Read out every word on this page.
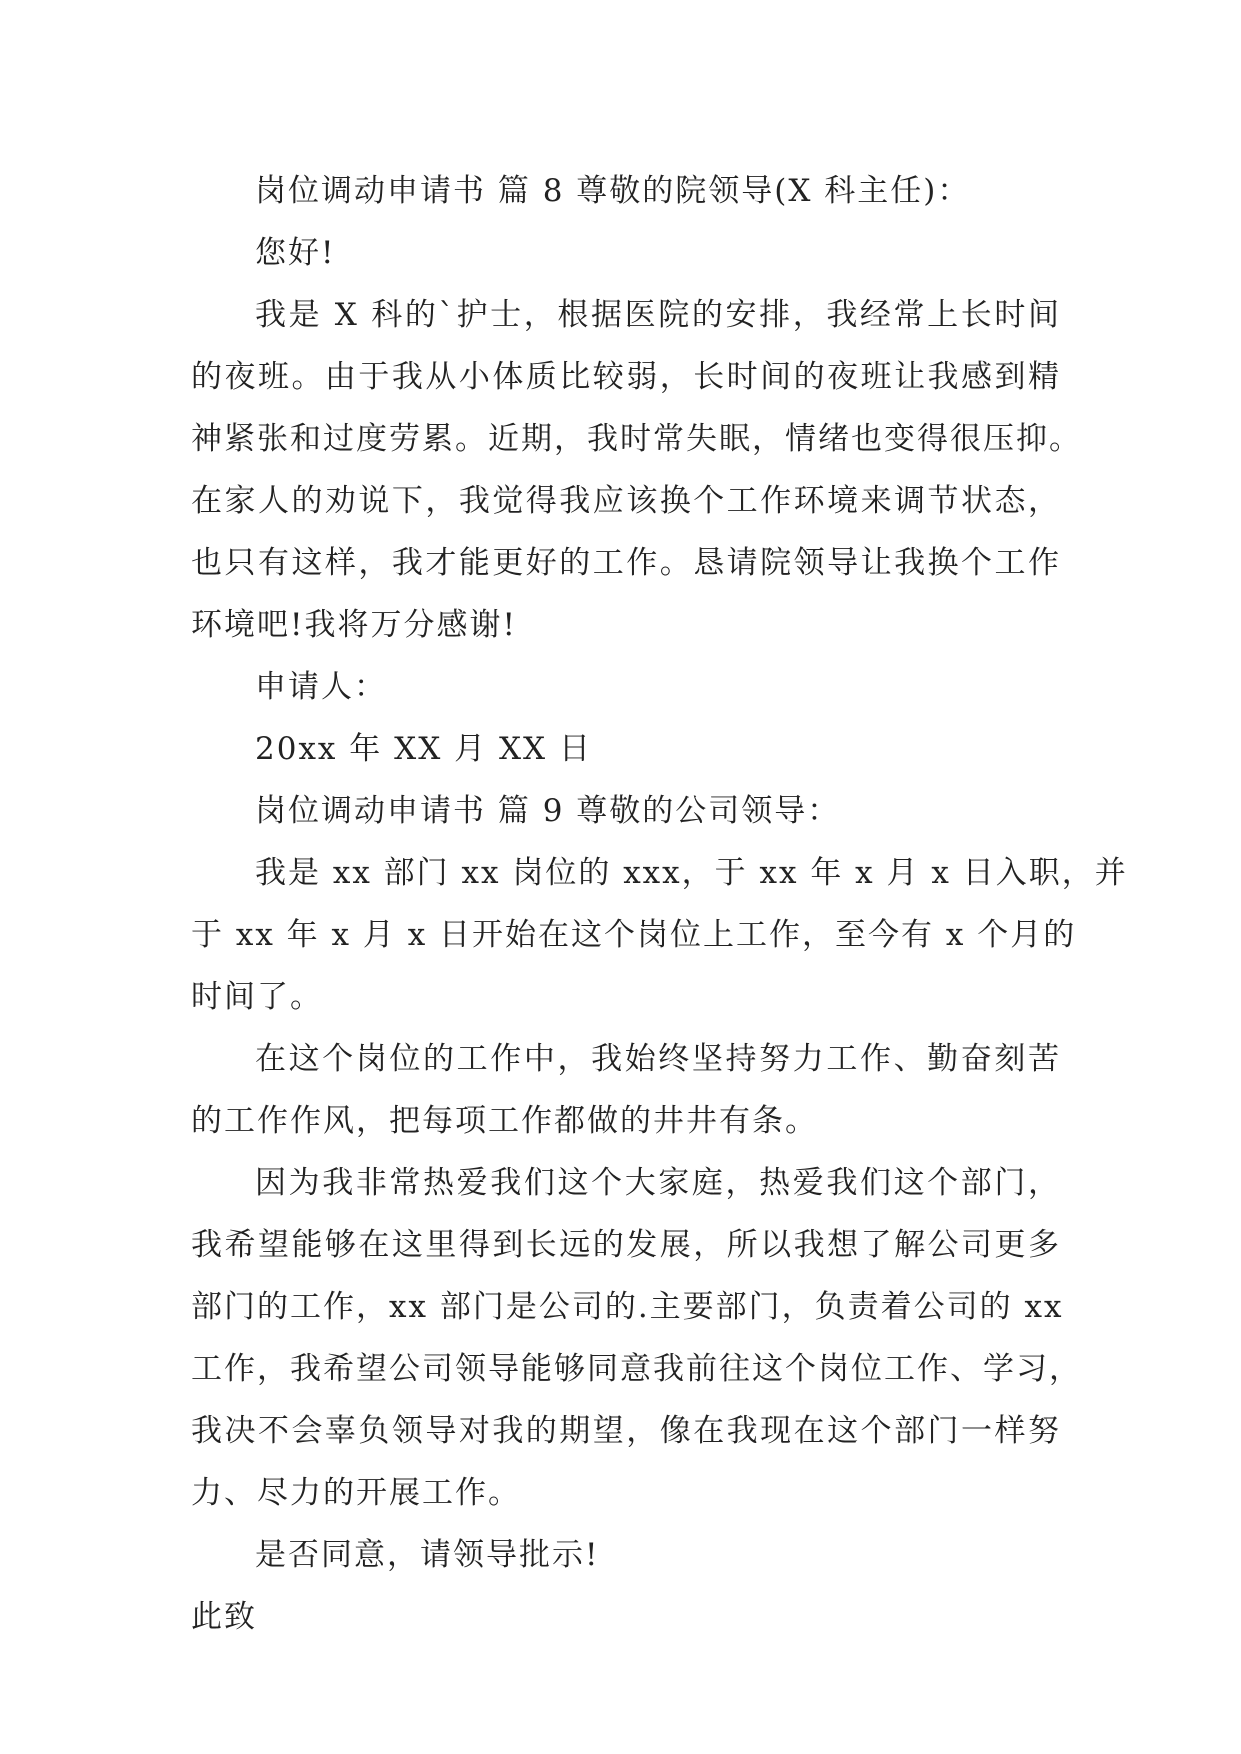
岗位调动申请书 篇 8 尊敬的院领导(X 科主任)：
您好!
我是 X 科的`护士，根据医院的安排，我经常上长时间
的夜班。由于我从小体质比较弱，长时间的夜班让我感到精
神紧张和过度劳累。近期，我时常失眠，情绪也变得很压抑。
在家人的劝说下，我觉得我应该换个工作环境来调节状态，
也只有这样，我才能更好的工作。恳请院领导让我换个工作
环境吧!我将万分感谢!
申请人：
20xx 年 XX 月 XX 日
岗位调动申请书 篇 9 尊敬的公司领导：
我是 xx 部门 xx 岗位的 xxx，于 xx 年 x 月 x 日入职，并
于 xx 年 x 月 x 日开始在这个岗位上工作，至今有 x 个月的
时间了。
在这个岗位的工作中，我始终坚持努力工作、勤奋刻苦
的工作作风，把每项工作都做的井井有条。
因为我非常热爱我们这个大家庭，热爱我们这个部门，
我希望能够在这里得到长远的发展，所以我想了解公司更多
部门的工作，xx 部门是公司的.主要部门，负责着公司的 xx
工作，我希望公司领导能够同意我前往这个岗位工作、学习，
我决不会辜负领导对我的期望，像在我现在这个部门一样努
力、尽力的开展工作。
是否同意，请领导批示!
此致
